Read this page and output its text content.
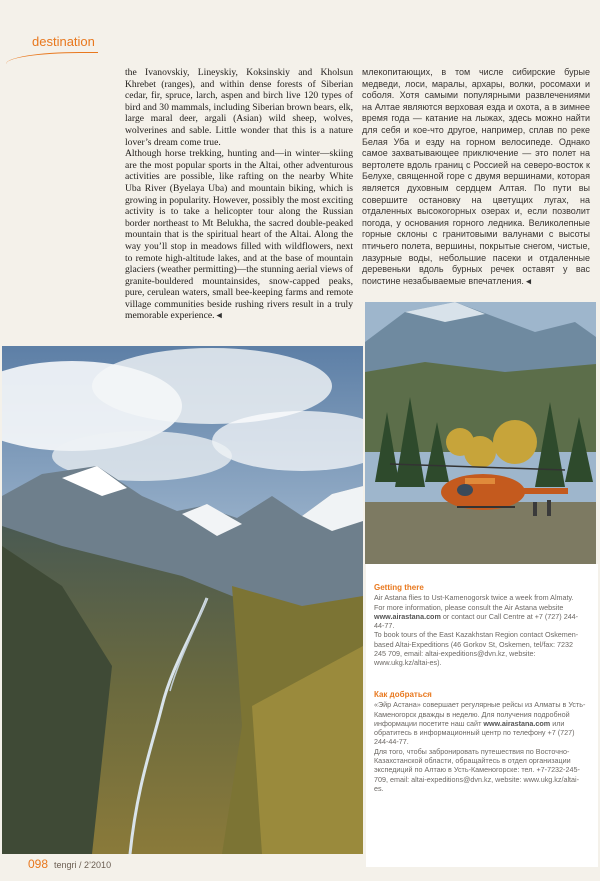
destination

the Ivanovskiy, Lineyskiy, Koksinskiy and Kholsun Khrebet (ranges), and within dense forests of Siberian cedar, fir, spruce, larch, aspen and birch live 120 types of bird and 30 mammals, including Siberian brown bears, elk, large maral deer, argali (Asian) wild sheep, wolves, wolverines and sable. Little wonder that this is a nature lover’s dream come true.

Although horse trekking, hunting and—in winter—skiing are the most popular sports in the Altai, other adventurous activities are possible, like rafting on the nearby White Uba River (Byelaya Uba) and mountain biking, which is growing in popularity. However, possibly the most exciting activity is to take a helicopter tour along the Russian border northeast to Mt Belukha, the sacred double-peaked mountain that is the spiritual heart of the Altai. Along the way you’ll stop in meadows filled with wildflowers, next to remote high-altitude lakes, and at the base of mountain glaciers (weather permitting)—the stunning aerial views of granite-bouldered mountainsides, snow-capped peaks, pure, cerulean waters, small bee-keeping farms and remote village communities beside rushing rivers result in a truly memorable experience. ◂

млекопитающих, в том числе сибирские бурые медведи, лоси, маралы, архары, волки, росомахи и соболя. Хотя самыми популярными развлечениями на Алтае являются верховая езда и охота, а в зимнее время года — катание на лыжах, здесь можно найти для себя и кое-что другое, например, сплав по реке Белая Уба и езду на горном велосипеде. Однако самое захватывающее приключение — это полет на вертолете вдоль границ с Россией на северо-восток к Белухе, священной горе с двумя вершинами, которая является духовным сердцем Алтая. По пути вы совершите остановку на цветущих лугах, на отдаленных высокогорных озерах и, если позволит погода, у основания горного ледника. Великолепные горные склоны с гранитовыми валунами с высоты птичьего полета, вершины, покрытые снегом, чистые, лазурные воды, небольшие пасеки и отдаленные деревеньки вдоль бурных речек оставят у вас поистине незабываемые впечатления. ◂

Getting there
Air Astana flies to Ust-Kamenogorsk twice a week from Almaty. For more information, please consult the Air Astana website www.airastana.com or contact our Call Centre at +7 (727) 244-44-77.
To book tours of the East Kazakhstan Region contact Oskemen-based Altai-Expeditions (46 Gorkov St, Oskemen, tel/fax: 7232 245 709, email: altai-expeditions@dvn.kz, website: www.ukg.kz/altai-es).
Как добраться
«Эйр Астана» совершает регулярные рейсы из Алматы в Усть-Каменогорск дважды в неделю. Для получения подробной информации посетите наш сайт www.airastana.com или обратитесь в информационный центр по телефону +7 (727) 244-44-77.
Для того, чтобы забронировать путешествия по Восточно-Казахстанской области, обращайтесь в отдел организации экспедиций по Алтаю в Усть-Каменогорске: тел. +7-7232-245-709, email: altai-expeditions@dvn.kz, website: www.ukg.kz/altai-es.
098 tengri / 2’2010
